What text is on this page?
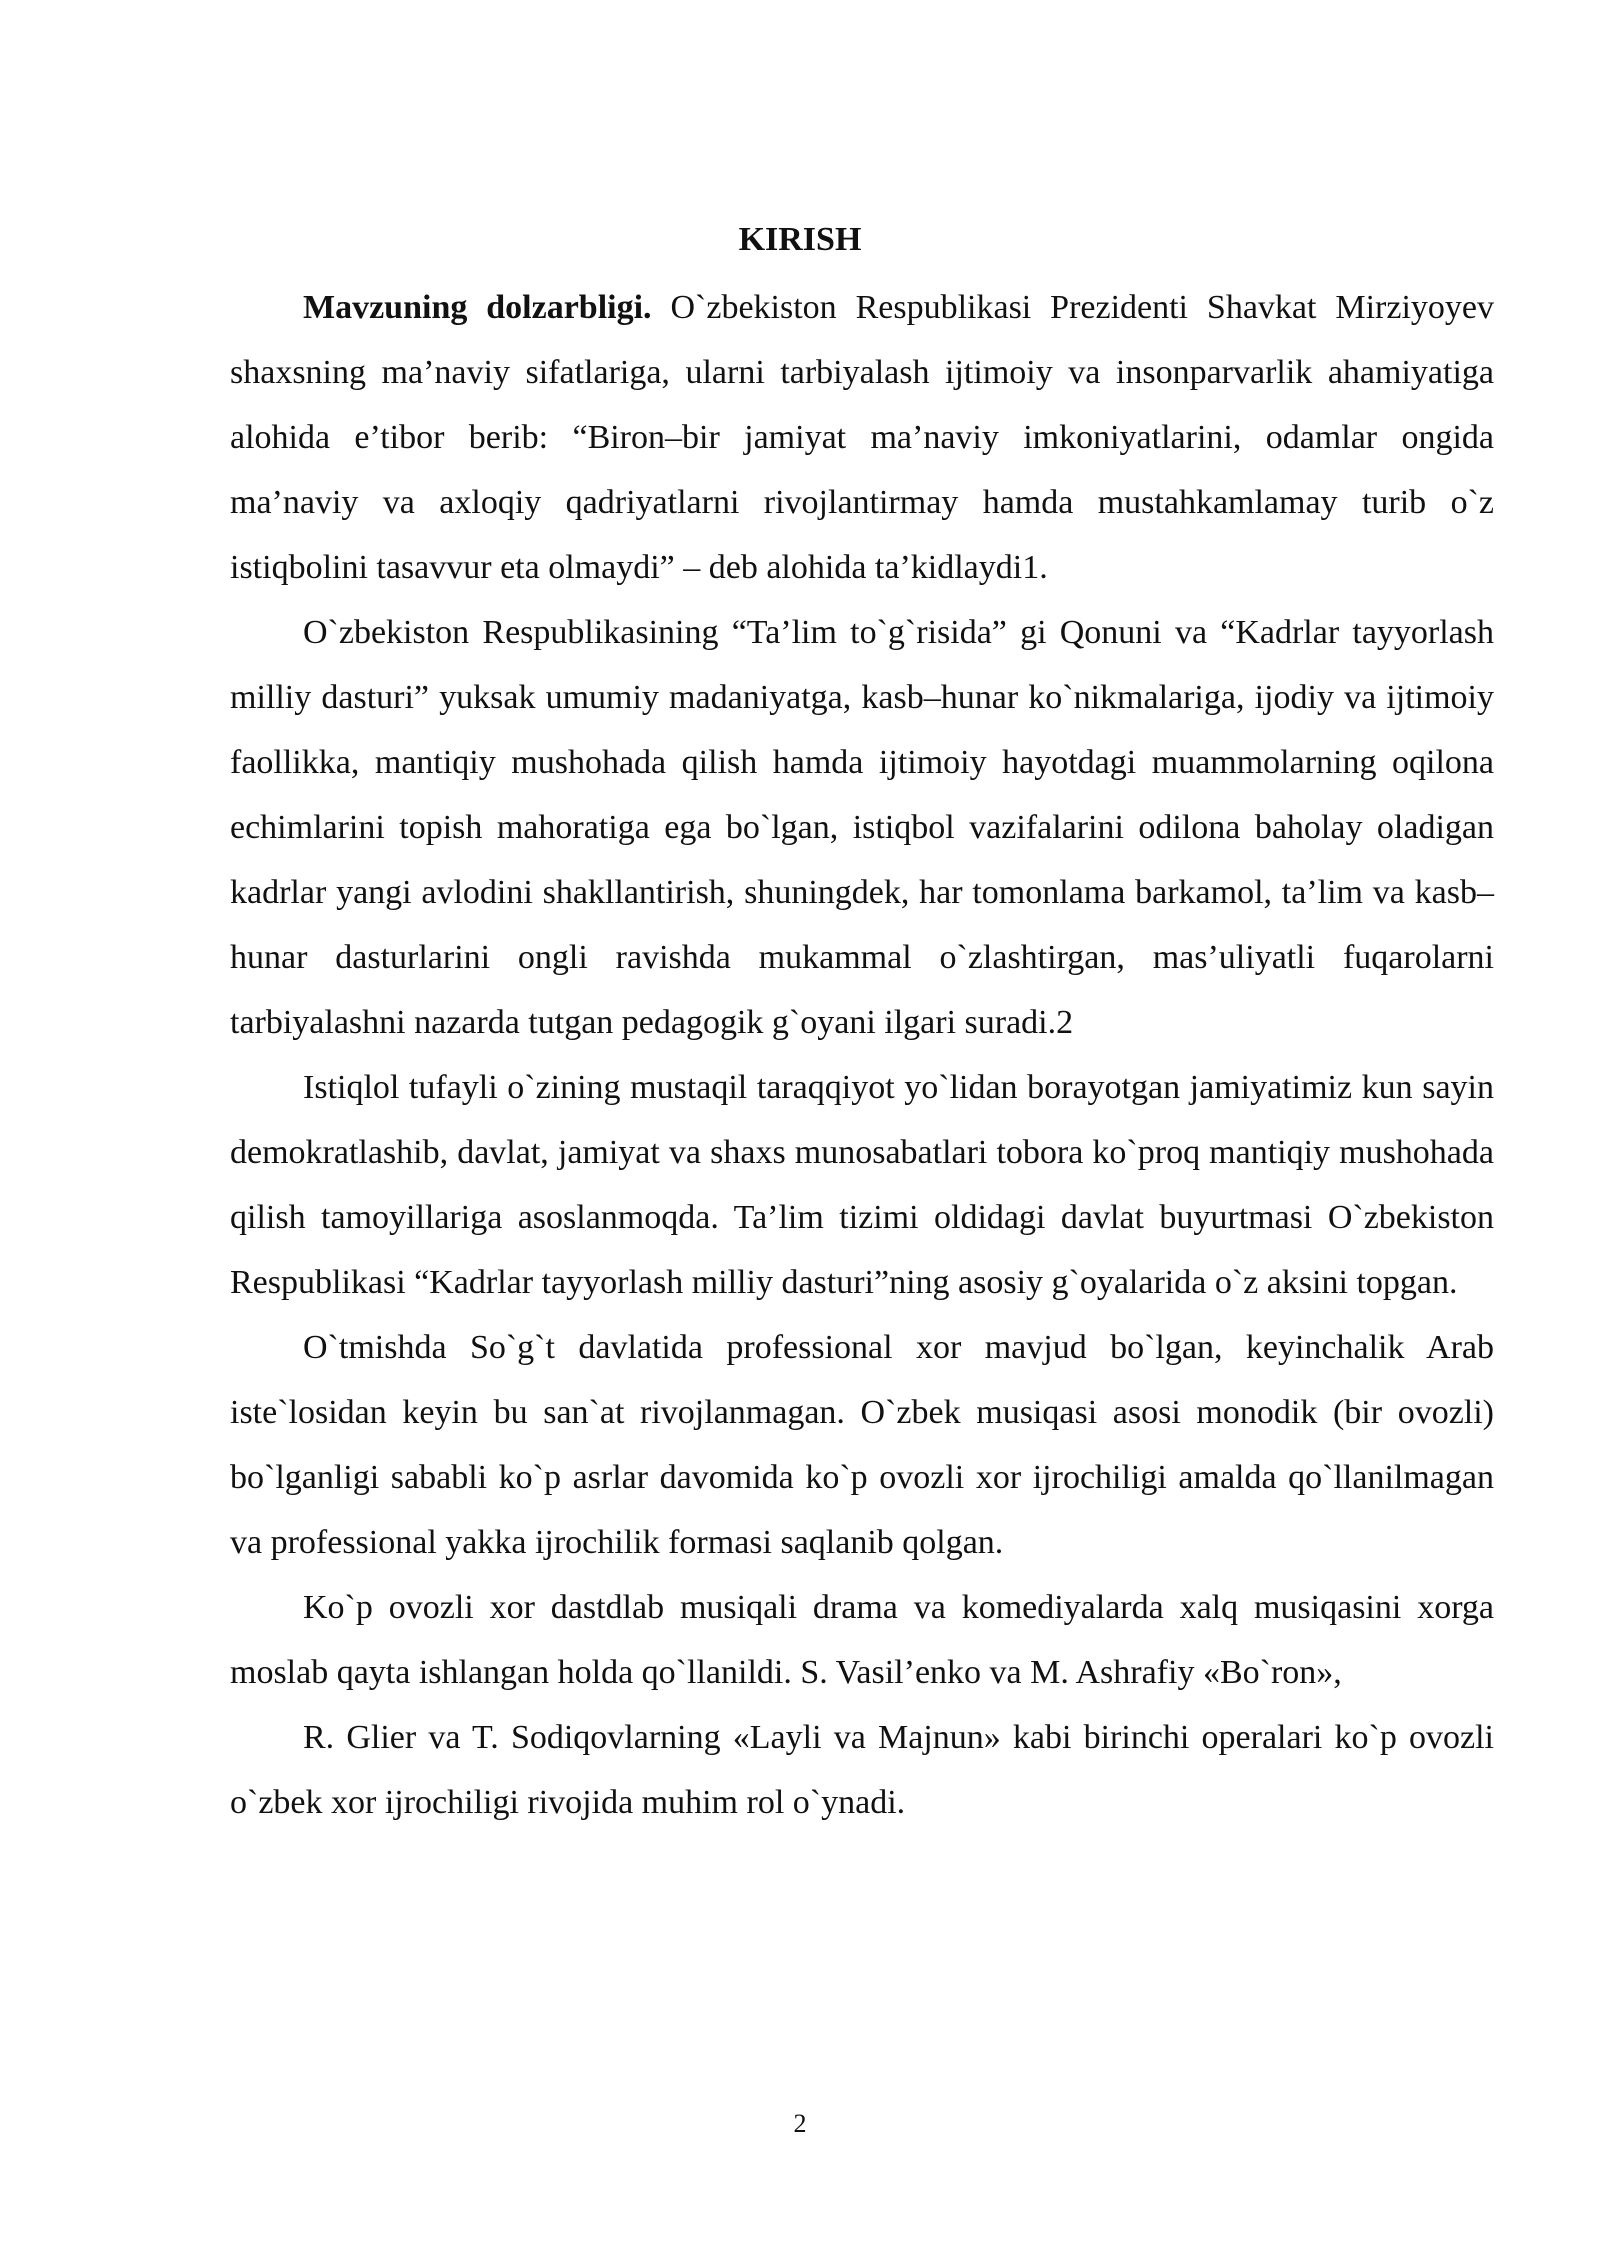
KIRISH

Mavzuning dolzarbligi. O`zbekiston Respublikasi Prezidenti Shavkat Mirziyoyev shaxsning ma’naviy sifatlariga, ularni tarbiyalash ijtimoiy va insonparvarlik ahamiyatiga alohida e’tibor berib: “Biron–bir jamiyat ma’naviy imkoniyatlarini, odamlar ongida ma’naviy va axloqiy qadriyatlarni rivojlantirmay hamda mustahkamlamay turib o`z istiqbolini tasavvur eta olmaydi” – deb alohida ta’kidlaydi1.

O`zbekiston Respublikasining “Ta’lim to`g`risida” gi Qonuni va “Kadrlar tayyorlash milliy dasturi” yuksak umumiy madaniyatga, kasb–hunar ko`nikmalariga, ijodiy va ijtimoiy faollikka, mantiqiy mushohada qilish hamda ijtimoiy hayotdagi muammolarning oqilona echimlarini topish mahoratiga ega bo`lgan, istiqbol vazifalarini odilona baholay oladigan kadrlar yangi avlodini shakllantirish, shuningdek, har tomonlama barkamol, ta’lim va kasb–hunar dasturlarini ongli ravishda mukammal o`zlashtirgan, mas’uliyatli fuqarolarni tarbiyalashni nazarda tutgan pedagogik g`oyani ilgari suradi.2

Istiqlol tufayli o`zining mustaqil taraqqiyot yo`lidan borayotgan jamiyatimiz kun sayin demokratlashib, davlat, jamiyat va shaxs munosabatlari tobora ko`proq mantiqiy mushohada qilish tamoyillariga asoslanmoqda. Ta’lim tizimi oldidagi davlat buyurtmasi O`zbekiston Respublikasi “Kadrlar tayyorlash milliy dasturi”ning asosiy g`oyalarida o`z aksini topgan.

O`tmishda So`g`t davlatida professional xor mavjud bo`lgan, keyinchalik Arab iste`losidan keyin bu san`at rivojlanmagan. O`zbek musiqasi asosi monodik (bir ovozli) bo`lganligi sababli ko`p asrlar davomida ko`p ovozli xor ijrochiligi amalda qo`llanilmagan va professional yakka ijrochilik formasi saqlanib qolgan.

Ko`p ovozli xor dastdlab musiqali drama va komediyalarda xalq musiqasini xorga moslab qayta ishlangan holda qo`llanildi. S. Vasil’enko va M. Ashrafiy «Bo`ron»,

R. Glier va T. Sodiqovlarning «Layli va Majnun» kabi birinchi operalari ko`p ovozli o`zbek xor ijrochiligi rivojida muhim rol o`ynadi.

2
